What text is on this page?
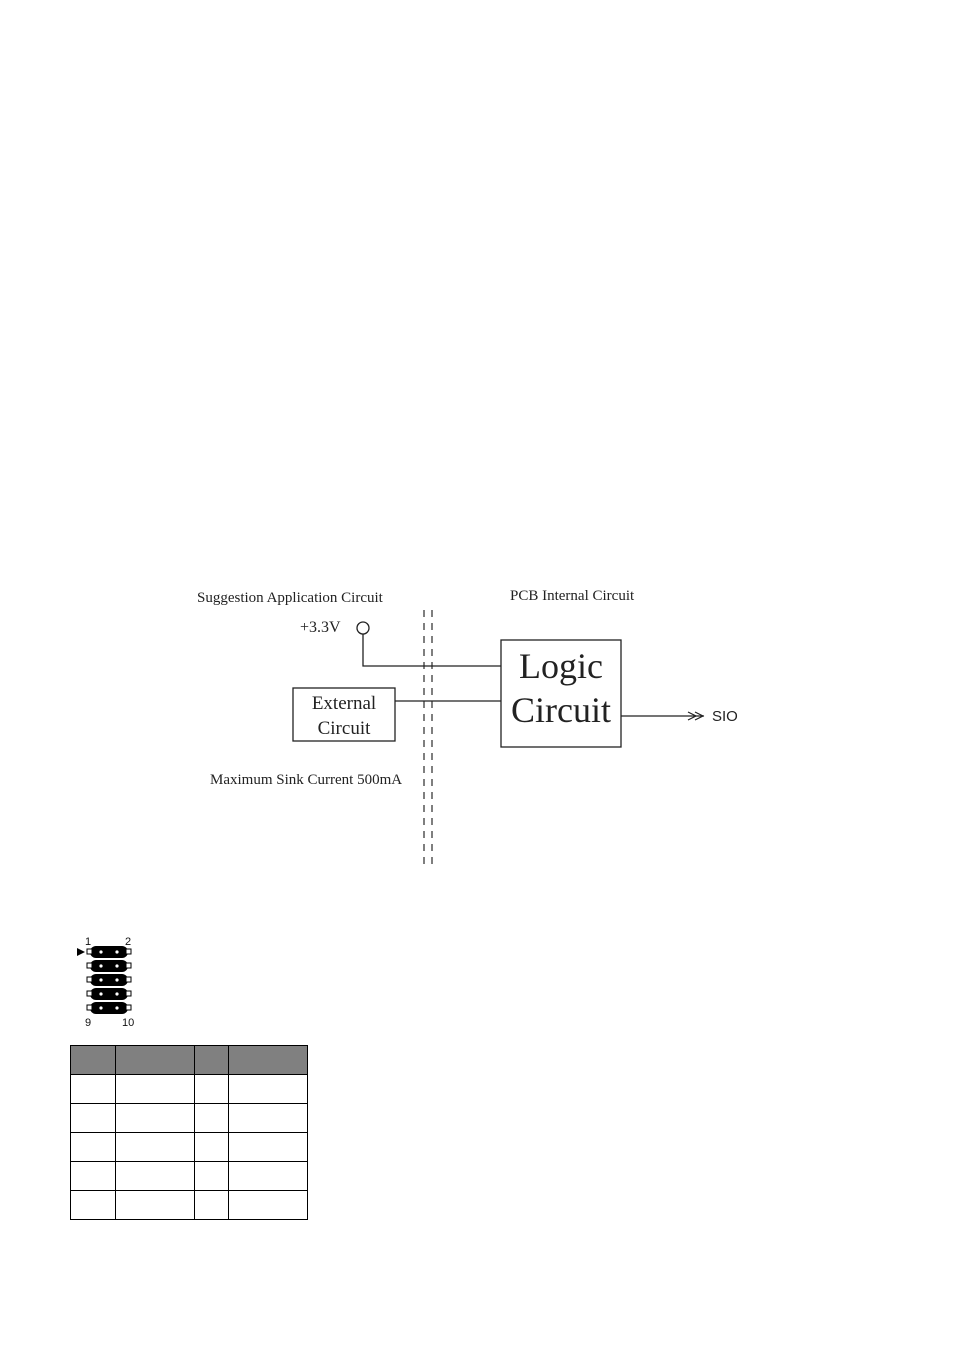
Suggestion Application Circuit	PCB Internal Circuit
+3.3V
External
Circuit
Logic
Circuit	SIO
Maximum Sink Current 500mA
1	2
9	10
